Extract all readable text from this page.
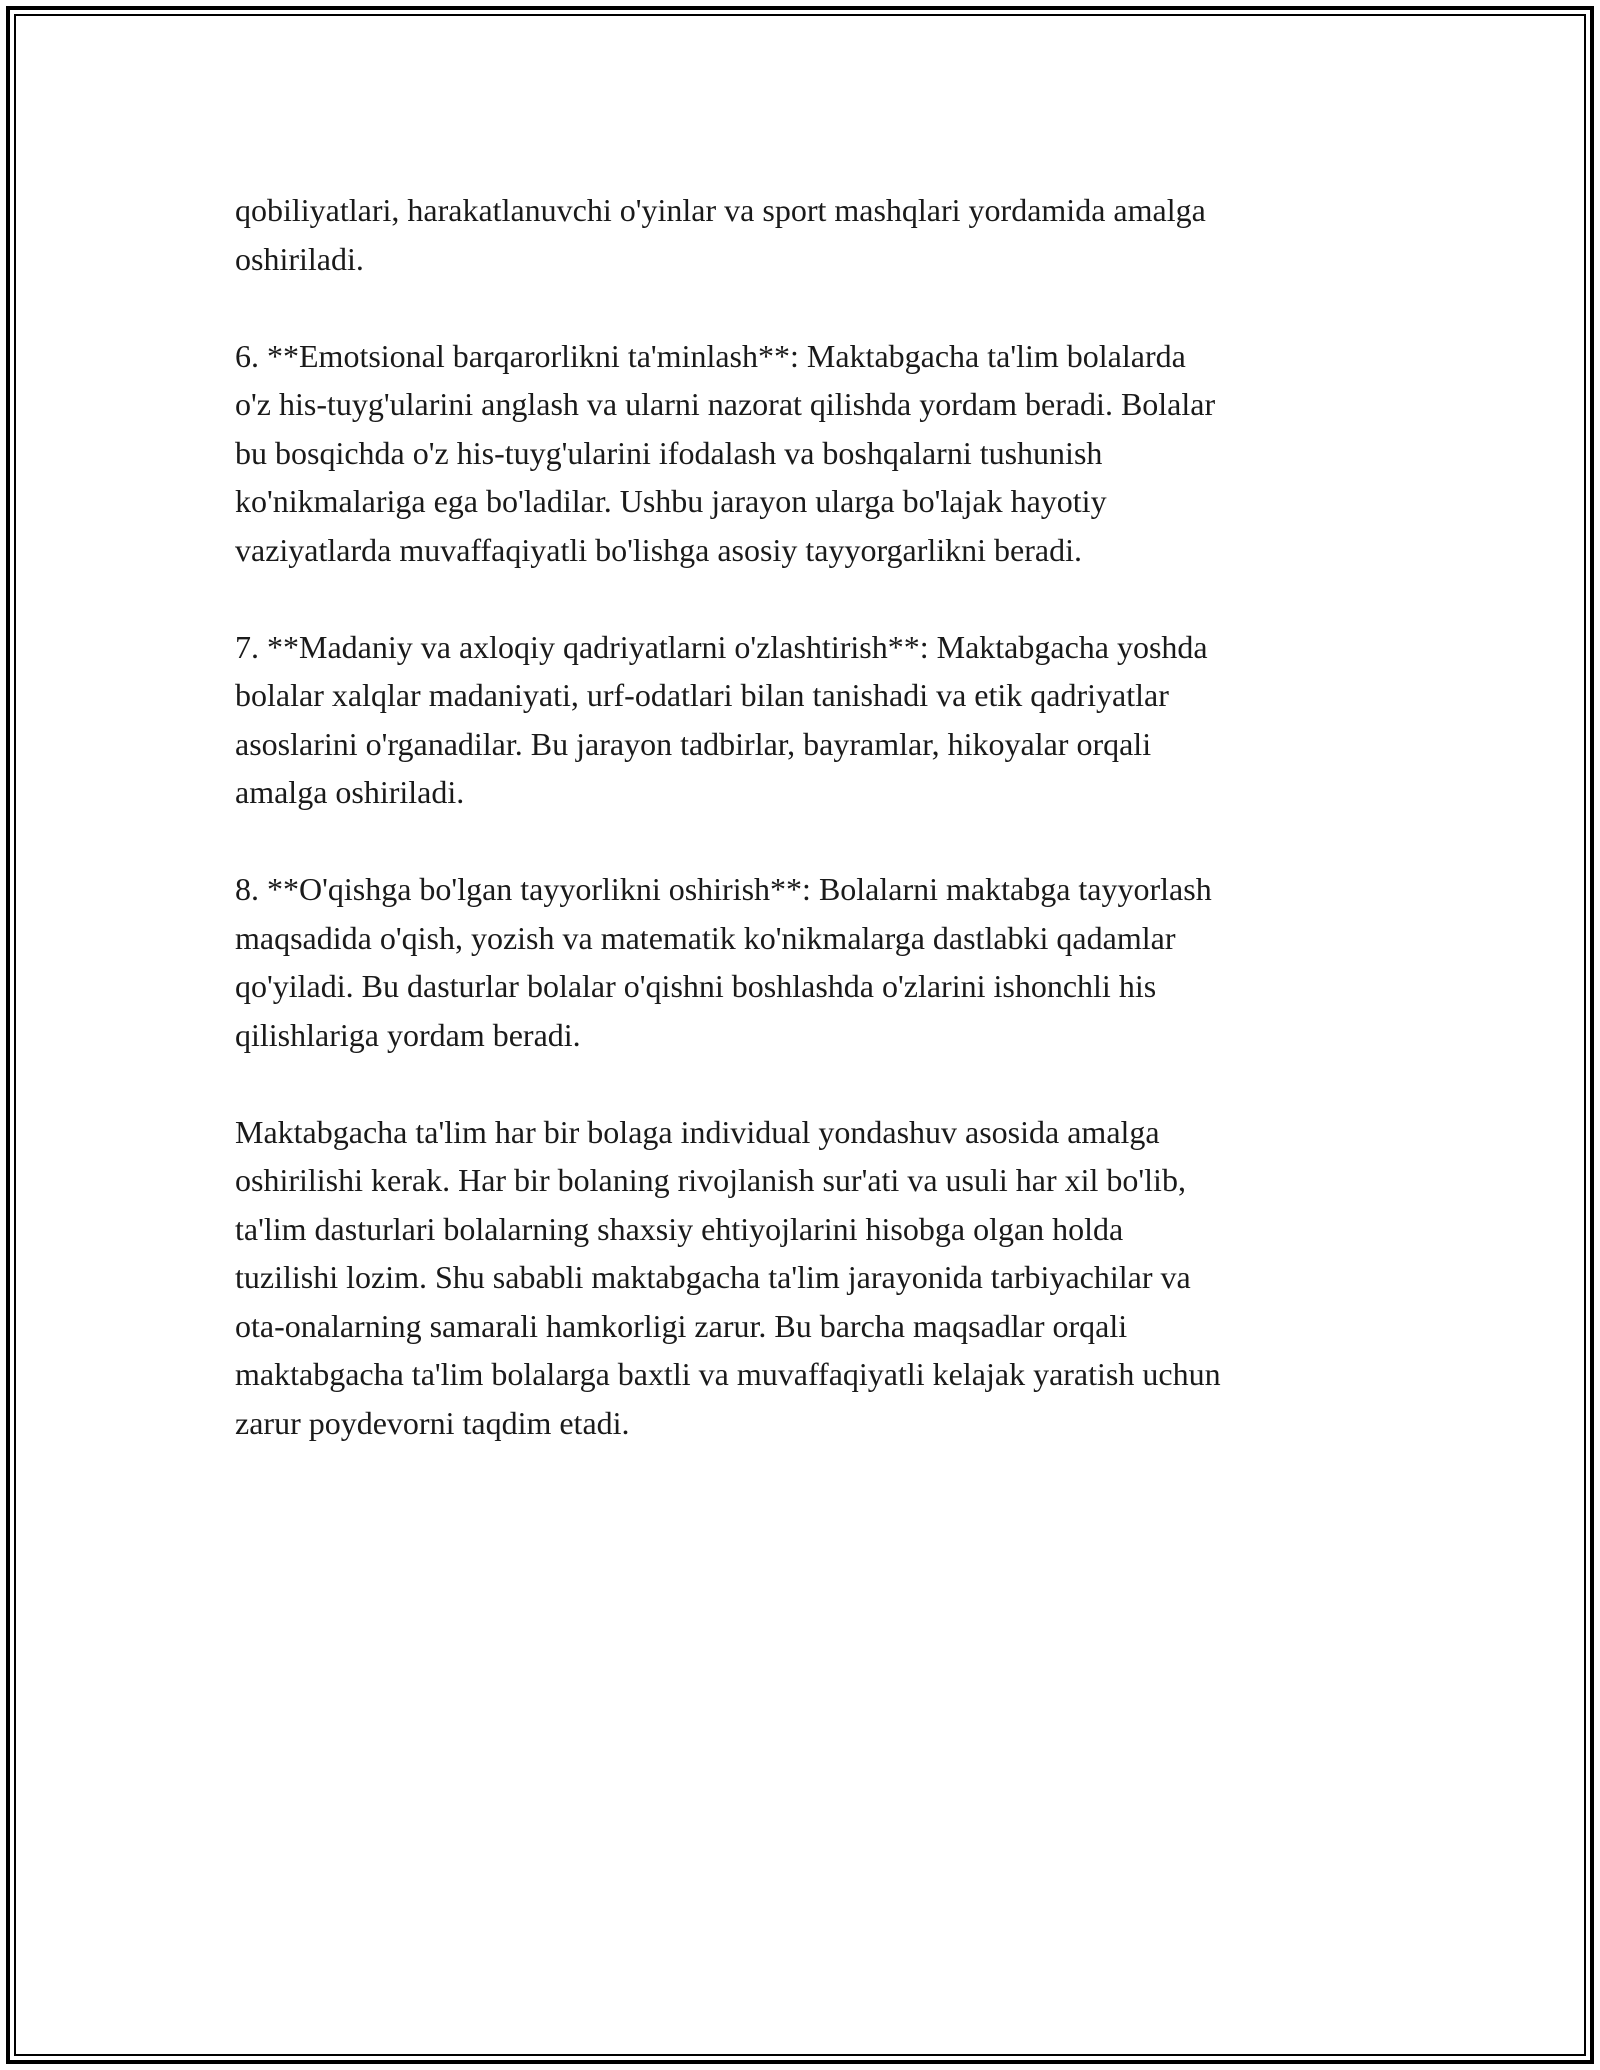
qobiliyatlari, harakatlanuvchi o'yinlar va sport mashqlari yordamida amalga
oshiriladi.

6. **Emotsional barqarorlikni ta'minlash**: Maktabgacha ta'lim bolalarda
o'z his-tuyg'ularini anglash va ularni nazorat qilishda yordam beradi. Bolalar
bu bosqichda o'z his-tuyg'ularini ifodalash va boshqalarni tushunish
ko'nikmalariga ega bo'ladilar. Ushbu jarayon ularga bo'lajak hayotiy
vaziyatlarda muvaffaqiyatli bo'lishga asosiy tayyorgarlikni beradi.

7. **Madaniy va axloqiy qadriyatlarni o'zlashtirish**: Maktabgacha yoshda
bolalar xalqlar madaniyati, urf-odatlari bilan tanishadi va etik qadriyatlar
asoslarini o'rganadilar. Bu jarayon tadbirlar, bayramlar, hikoyalar orqali
amalga oshiriladi.

8. **O'qishga bo'lgan tayyorlikni oshirish**: Bolalarni maktabga tayyorlash
maqsadida o'qish, yozish va matematik ko'nikmalarga dastlabki qadamlar
qo'yiladi. Bu dasturlar bolalar o'qishni boshlashda o'zlarini ishonchli his
qilishlariga yordam beradi.

Maktabgacha ta'lim har bir bolaga individual yondashuv asosida amalga
oshirilishi kerak. Har bir bolaning rivojlanish sur'ati va usuli har xil bo'lib,
ta'lim dasturlari bolalarning shaxsiy ehtiyojlarini hisobga olgan holda
tuzilishi lozim. Shu sababli maktabgacha ta'lim jarayonida tarbiyachilar va
ota-onalarning samarali hamkorligi zarur. Bu barcha maqsadlar orqali
maktabgacha ta'lim bolalarga baxtli va muvaffaqiyatli kelajak yaratish uchun
zarur poydevorni taqdim etadi.
